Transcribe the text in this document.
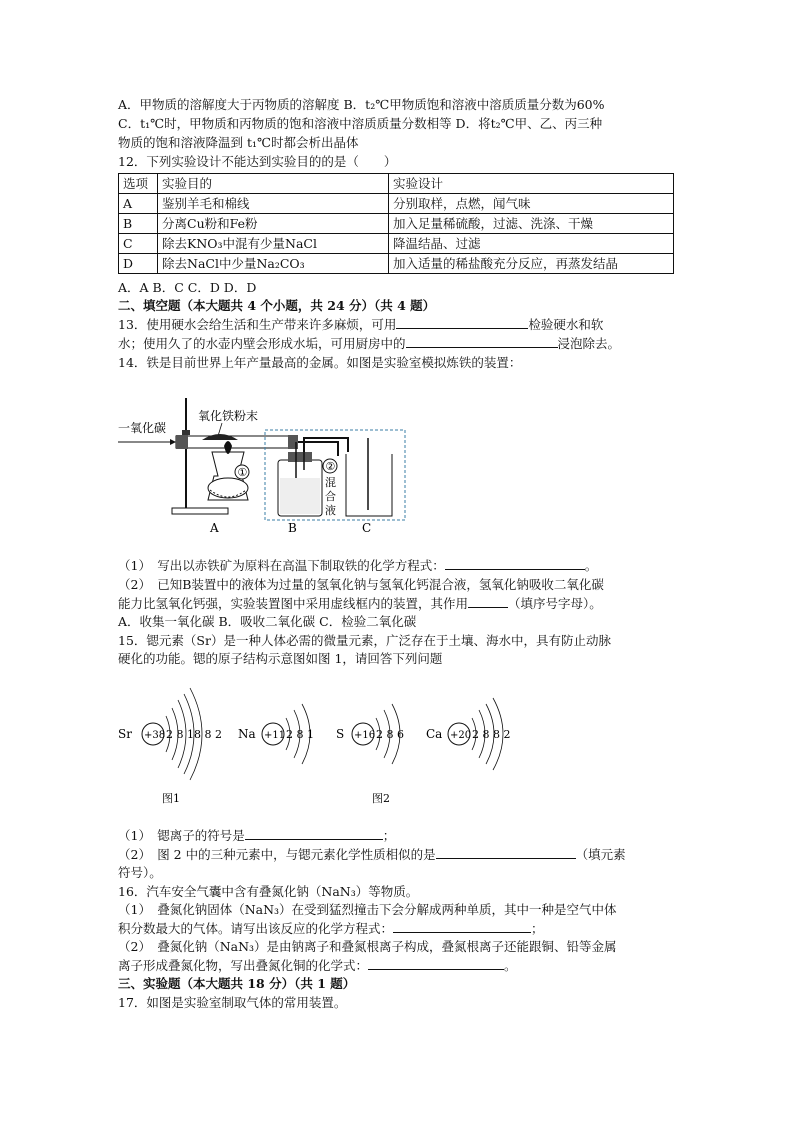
A．甲物质的溶解度大于丙物质的溶解度 B．t₂℃甲物质饱和溶液中溶质质量分数为60%
C．t₁℃时，甲物质和丙物质的饱和溶液中溶质质量分数相等 D．将t₂℃甲、乙、丙三种
物质的饱和溶液降温到 t₁℃时都会析出晶体
12．下列实验设计不能达到实验目的的是（　　）
选项	实验目的	实验设计
A	鉴别羊毛和棉线	分别取样，点燃，闻气味
B	分离Cu粉和Fe粉	加入足量稀硫酸，过滤、洗涤、干燥
C	除去KNO₃中混有少量NaCl	降温结晶、过滤
D	除去NaCl中少量Na₂CO₃	加入适量的稀盐酸充分反应，再蒸发结晶
A．A B．C C．D D．D
二、填空题（本大题共 4 个小题，共 24 分）（共 4 题）
13．使用硬水会给生活和生产带来许多麻烦，可用	检验硬水和软
水；使用久了的水壶内壁会形成水垢，可用厨房中的	浸泡除去。
14．铁是目前世界上年产量最高的金属。如图是实验室模拟炼铁的装置：
一氧化碳
氧化铁粉末
①
A
②
混
合
液
B	C
（1）　写出以赤铁矿为原料在高温下制取铁的化学方程式：	。
（2）　已知B装置中的液体为过量的氢氧化钠与氢氧化钙混合液，氢氧化钠吸收二氧化碳
能力比氢氧化钙强，实验装置图中采用虚线框内的装置，其作用	（填序号字母）。
A．收集一氧化碳 B．吸收二氧化碳 C．检验二氧化碳
15．锶元素（Sr）是一种人体必需的微量元素，广泛存在于土壤、海水中，具有防止动脉
硬化的功能。锶的原子结构示意图如图 1，请回答下列问题
Sr +38 2 8 18 8 2 Na +11 2 8 1 S +16 2 8 6 Ca +20 2 8 8 2
图1	图2
（1）　锶离子的符号是	；
（2）　图 2 中的三种元素中，与锶元素化学性质相似的是	（填元素
符号）。
16．汽车安全气囊中含有叠氮化钠（NaN₃）等物质。
（1）　叠氮化钠固体（NaN₃）在受到猛烈撞击下会分解成两种单质，其中一种是空气中体
积分数最大的气体。请写出该反应的化学方程式：	；
（2）　叠氮化钠（NaN₃）是由钠离子和叠氮根离子构成，叠氮根离子还能跟铜、铅等金属
离子形成叠氮化物，写出叠氮化铜的化学式：	。
三、实验题（本大题共 18 分）（共 1 题）
17．如图是实验室制取气体的常用装置。
